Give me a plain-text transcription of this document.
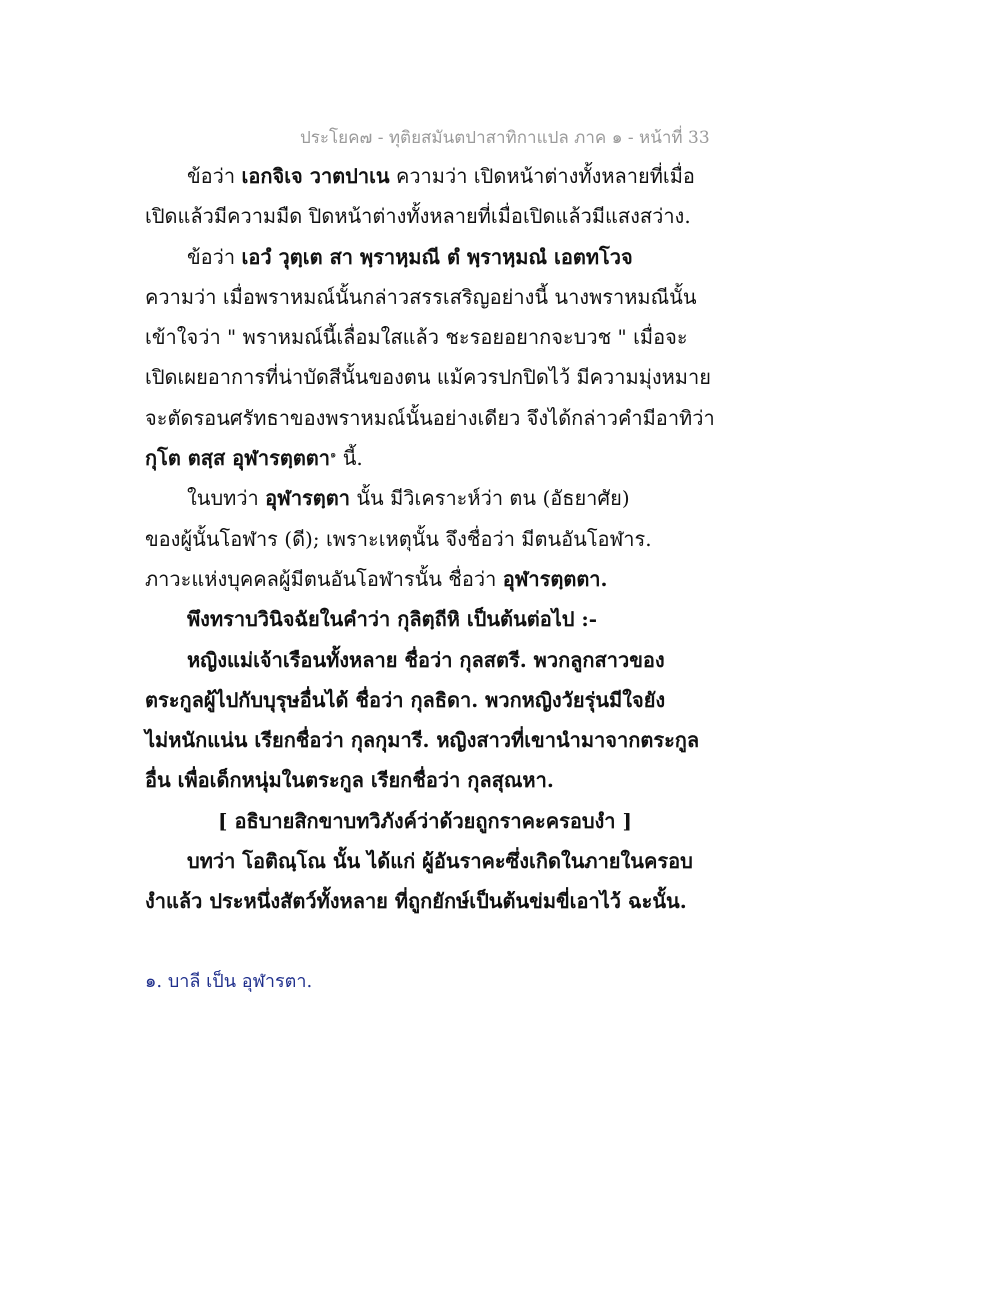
ประโยค๗ - ทุติยสมันตปาสาทิกาแปล ภาค ๑ - หน้าที่ 33
ข้อว่า เอกจิเจ วาตปาเน ความว่า เปิดหน้าต่างทั้งหลายที่เมื่อ
เปิดแล้วมีความมืด ปิดหน้าต่างทั้งหลายที่เมื่อเปิดแล้วมีแสงสว่าง.
ข้อว่า เอวํ วุตฺเต สา พฺราหฺมณี ตํ พฺราหฺมณํ เอตทโวจ
ความว่า เมื่อพราหมณ์นั้นกล่าวสรรเสริญอย่างนี้ นางพราหมณีนั้น
เข้าใจว่า " พราหมณ์นี้เลื่อมใสแล้ว ชะรอยอยากจะบวช " เมื่อจะ
เปิดเผยอาการที่น่าบัดสีนั้นของตน แม้ควรปกปิดไว้ มีความมุ่งหมาย
จะตัดรอนศรัทธาของพราหมณ์นั้นอย่างเดียว จึงได้กล่าวคำมีอาทิว่า
กุโต ตสฺส อุฬารตฺตตา$^๑$ นี้.
ในบทว่า อุฬารตฺตา นั้น มีวิเคราะห์ว่า ตน (อัธยาศัย)
ของผู้นั้นโอฬาร (ดี); เพราะเหตุนั้น จึงชื่อว่า มีตนอันโอฬาร.
ภาวะแห่งบุคคลผู้มีตนอันโอฬารนั้น ชื่อว่า อุฬารตฺตตา.
พึงทราบวินิจฉัยในคำว่า กุลิตฺถีหิ เป็นต้นต่อไป :-
หญิงแม่เจ้าเรือนทั้งหลาย ชื่อว่า กุลสตรี. พวกลูกสาวของ
ตระกูลผู้ไปกับบุรุษอื่นได้ ชื่อว่า กุลธิดา. พวกหญิงวัยรุ่นมีใจยัง
ไม่หนักแน่น เรียกชื่อว่า กุลกุมารี. หญิงสาวที่เขานำมาจากตระกูล
อื่น เพื่อเด็กหนุ่มในตระกูล เรียกชื่อว่า กุลสุณหา.
[ อธิบายสิกขาบทวิภังค์ว่าด้วยถูกราคะครอบงำ ]
บทว่า โอติณฺโณ นั้น ได้แก่ ผู้อันราคะซึ่งเกิดในภายในครอบ
งำแล้ว ประหนึ่งสัตว์ทั้งหลาย ที่ถูกยักษ์เป็นต้นข่มขี่เอาไว้ ฉะนั้น.
๑. บาลี เป็น อุฬารตา.
